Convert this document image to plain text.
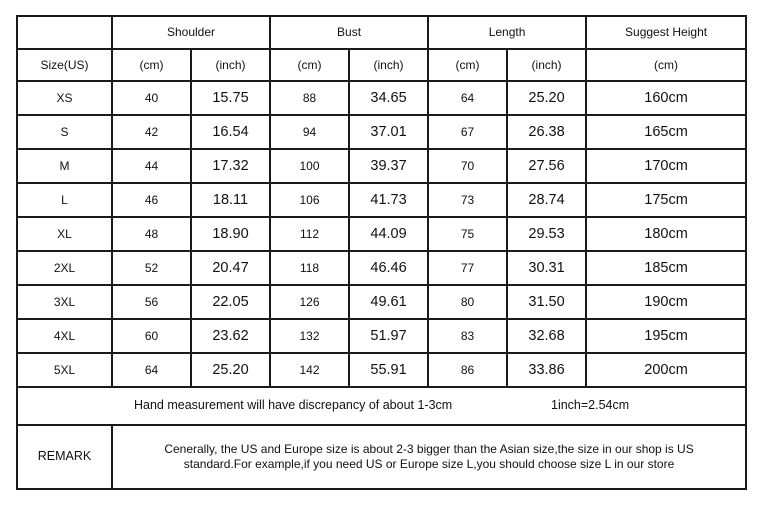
	Shoulder		Bust		Length		Suggest Height
Size(US)	(cm)	(inch)	(cm)	(inch)	(cm)	(inch)	(cm)
XS	40	15.75	88	34.65	64	25.20	160cm
S	42	16.54	94	37.01	67	26.38	165cm
M	44	17.32	100	39.37	70	27.56	170cm
L	46	18.11	106	41.73	73	28.74	175cm
XL	48	18.90	112	44.09	75	29.53	180cm
2XL	52	20.47	118	46.46	77	30.31	185cm
3XL	56	22.05	126	49.61	80	31.50	190cm
4XL	60	23.62	132	51.97	83	32.68	195cm
5XL	64	25.20	142	55.91	86	33.86	200cm

Hand measurement will have discrepancy of about 1-3cm 1inch=2.54cm							

REMARK	Cenerally, the US and Europe size is about 2-3 bigger than the Asian size,the size in our shop is US
standard.For example,if you need US or Europe size L,you should choose size L in our store						
